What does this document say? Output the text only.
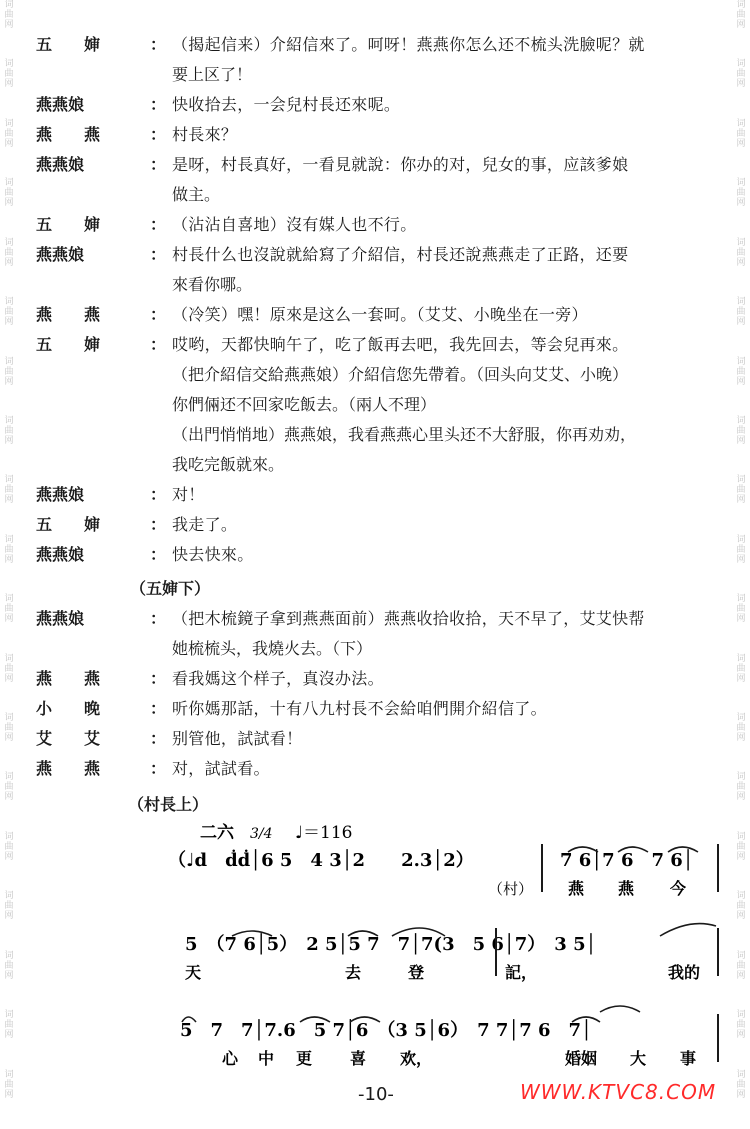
词
曲
网
词
曲
网
词
曲
网
词
曲
网
词
曲
网
词
曲
网
词
曲
网
词
曲
网
词
曲
网
词
曲
网
词
曲
网
词
曲
网
词
曲
网
词
曲
网
词
曲
网
词
曲
网
词
曲
网
词
曲
网
词
曲
网
词
曲
网
词
曲
网
词
曲
网
词
曲
网
词
曲
网
词
曲
网
词
曲
网
词
曲
网
词
曲
网
词
曲
网
词
曲
网
词
曲
网
词
曲
网
词
曲
网
词
曲
网
词
曲
网
词
曲
网
词
曲
网
词
曲
网
五　　婶	： （揭起信来）介紹信來了。呵呀！燕燕你怎么还不梳头洗臉呢？就
要上区了！
燕燕娘	： 快收拾去，一会兒村長还來呢。
燕　　燕	： 村長來？
燕燕娘	： 是呀，村長真好，一看見就說：你办的对，兒女的事，应該爹娘
做主。
五　　婶	： （沾沾自喜地）沒有媒人也不行。
燕燕娘	： 村長什么也沒說就給寫了介紹信，村長还說燕燕走了正路，还要
來看你哪。
燕　　燕	： （冷笑）嘿！原來是这么一套呵。（艾艾、小晚坐在一旁）
五　　婶	： 哎哟，天都快晌午了，吃了飯再去吧，我先回去，等会兒再來。
（把介紹信交給燕燕娘）介紹信您先帶着。（回头向艾艾、小晚）
你們倆还不回家吃飯去。（兩人不理）
（出門悄悄地）燕燕娘，我看燕燕心里头还不大舒服，你再劝劝，
我吃完飯就來。
燕燕娘	： 对！
五　　婶	： 我走了。
燕燕娘	： 快去快來。
（五婶下）
燕燕娘	： （把木梳鏡子拿到燕燕面前）燕燕收拾收拾，天不早了，艾艾快帮
她梳梳头，我燒火去。（下）
燕　　燕	： 看我媽这个样子，真沒办法。
小　　晚	： 听你媽那話，十有八九村長不会給咱們開介紹信了。
艾　　艾	： 别管他，試試看！
燕　　燕	： 对，試試看。
（村長上）
二六 3/4 ♩＝116
（♩d　ḋḋ│6 5　4 3│2　　2.3│2）	7 6│7 6　7 6│
（村） 燕 燕 今
5　（7 6│5）　2 5│5 7　7│7(3　5 6│7）　3 5│
天	去	登	記，	我的
5　7　7│7.6　5 7│6　（3 5│6）　7 7│7 6　7│
心 中 更 喜 欢，	婚姻 大 事
-10-	WWW.KTVC8.COM
